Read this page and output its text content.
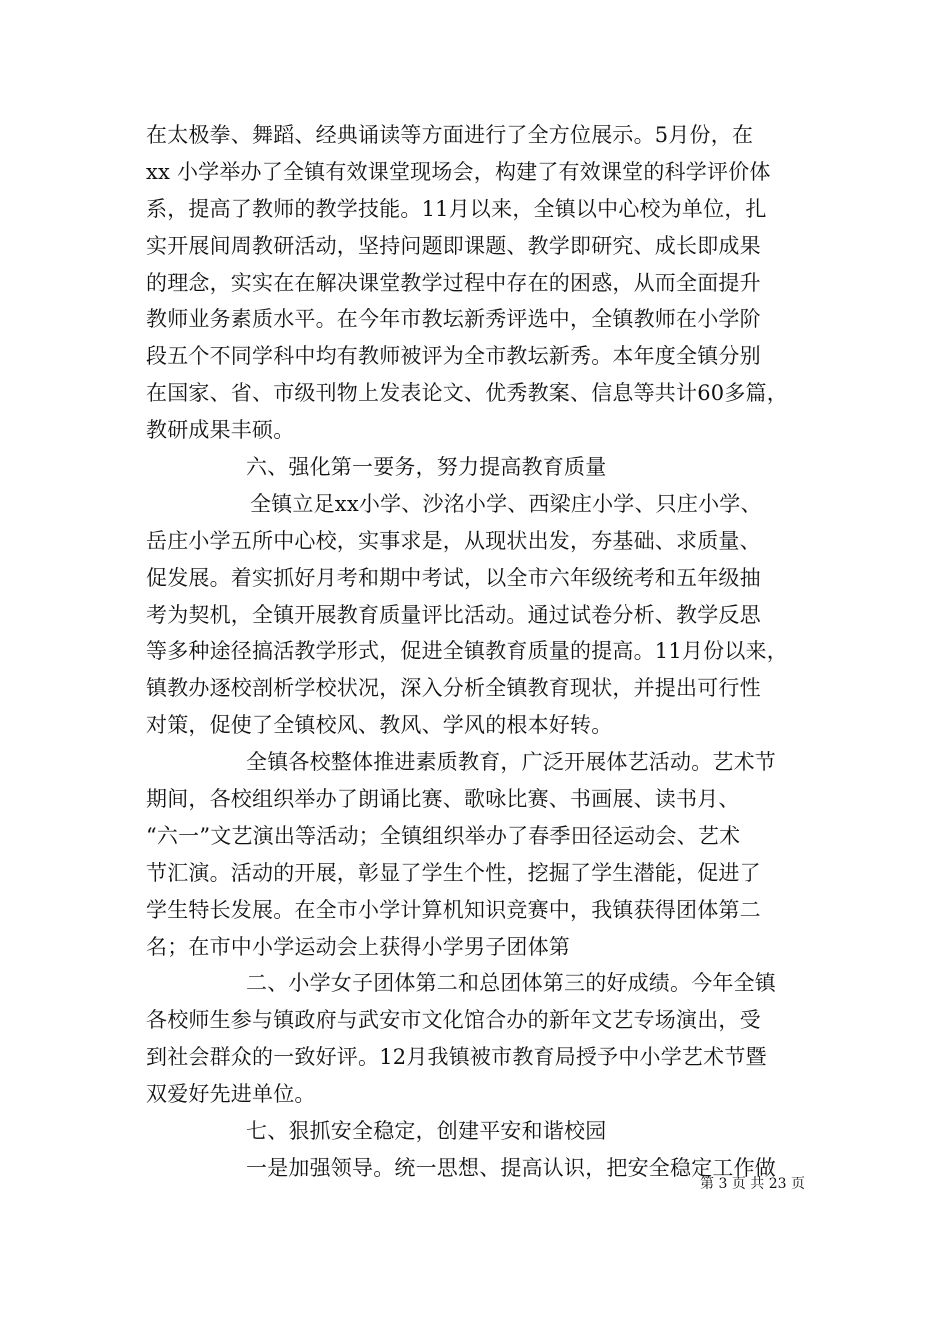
在太极拳、舞蹈、经典诵读等方面进行了全方位展示。5月份，在
xx 小学举办了全镇有效课堂现场会，构建了有效课堂的科学评价体
系，提高了教师的教学技能。11月以来，全镇以中心校为单位，扎
实开展间周教研活动，坚持问题即课题、教学即研究、成长即成果
的理念，实实在在解决课堂教学过程中存在的困惑，从而全面提升
教师业务素质水平。在今年市教坛新秀评选中，全镇教师在小学阶
段五个不同学科中均有教师被评为全市教坛新秀。本年度全镇分别
在国家、省、市级刊物上发表论文、优秀教案、信息等共计60多篇，
教研成果丰硕。
六、强化第一要务，努力提高教育质量
全镇立足xx小学、沙洺小学、西梁庄小学、只庄小学、
岳庄小学五所中心校，实事求是，从现状出发，夯基础、求质量、
促发展。着实抓好月考和期中考试，以全市六年级统考和五年级抽
考为契机，全镇开展教育质量评比活动。通过试卷分析、教学反思
等多种途径搞活教学形式，促进全镇教育质量的提高。11月份以来，
镇教办逐校剖析学校状况，深入分析全镇教育现状，并提出可行性
对策，促使了全镇校风、教风、学风的根本好转。
全镇各校整体推进素质教育，广泛开展体艺活动。艺术节
期间，各校组织举办了朗诵比赛、歌咏比赛、书画展、读书月、
“六一”文艺演出等活动；全镇组织举办了春季田径运动会、艺术
节汇演。活动的开展，彰显了学生个性，挖掘了学生潜能，促进了
学生特长发展。在全市小学计算机知识竞赛中，我镇获得团体第二
名；在市中小学运动会上获得小学男子团体第
二、小学女子团体第二和总团体第三的好成绩。今年全镇
各校师生参与镇政府与武安市文化馆合办的新年文艺专场演出，受
到社会群众的一致好评。12月我镇被市教育局授予中小学艺术节暨
双爱好先进单位。
七、狠抓安全稳定，创建平安和谐校园
一是加强领导。统一思想、提高认识，把安全稳定工作做
第 3 页 共 23 页
